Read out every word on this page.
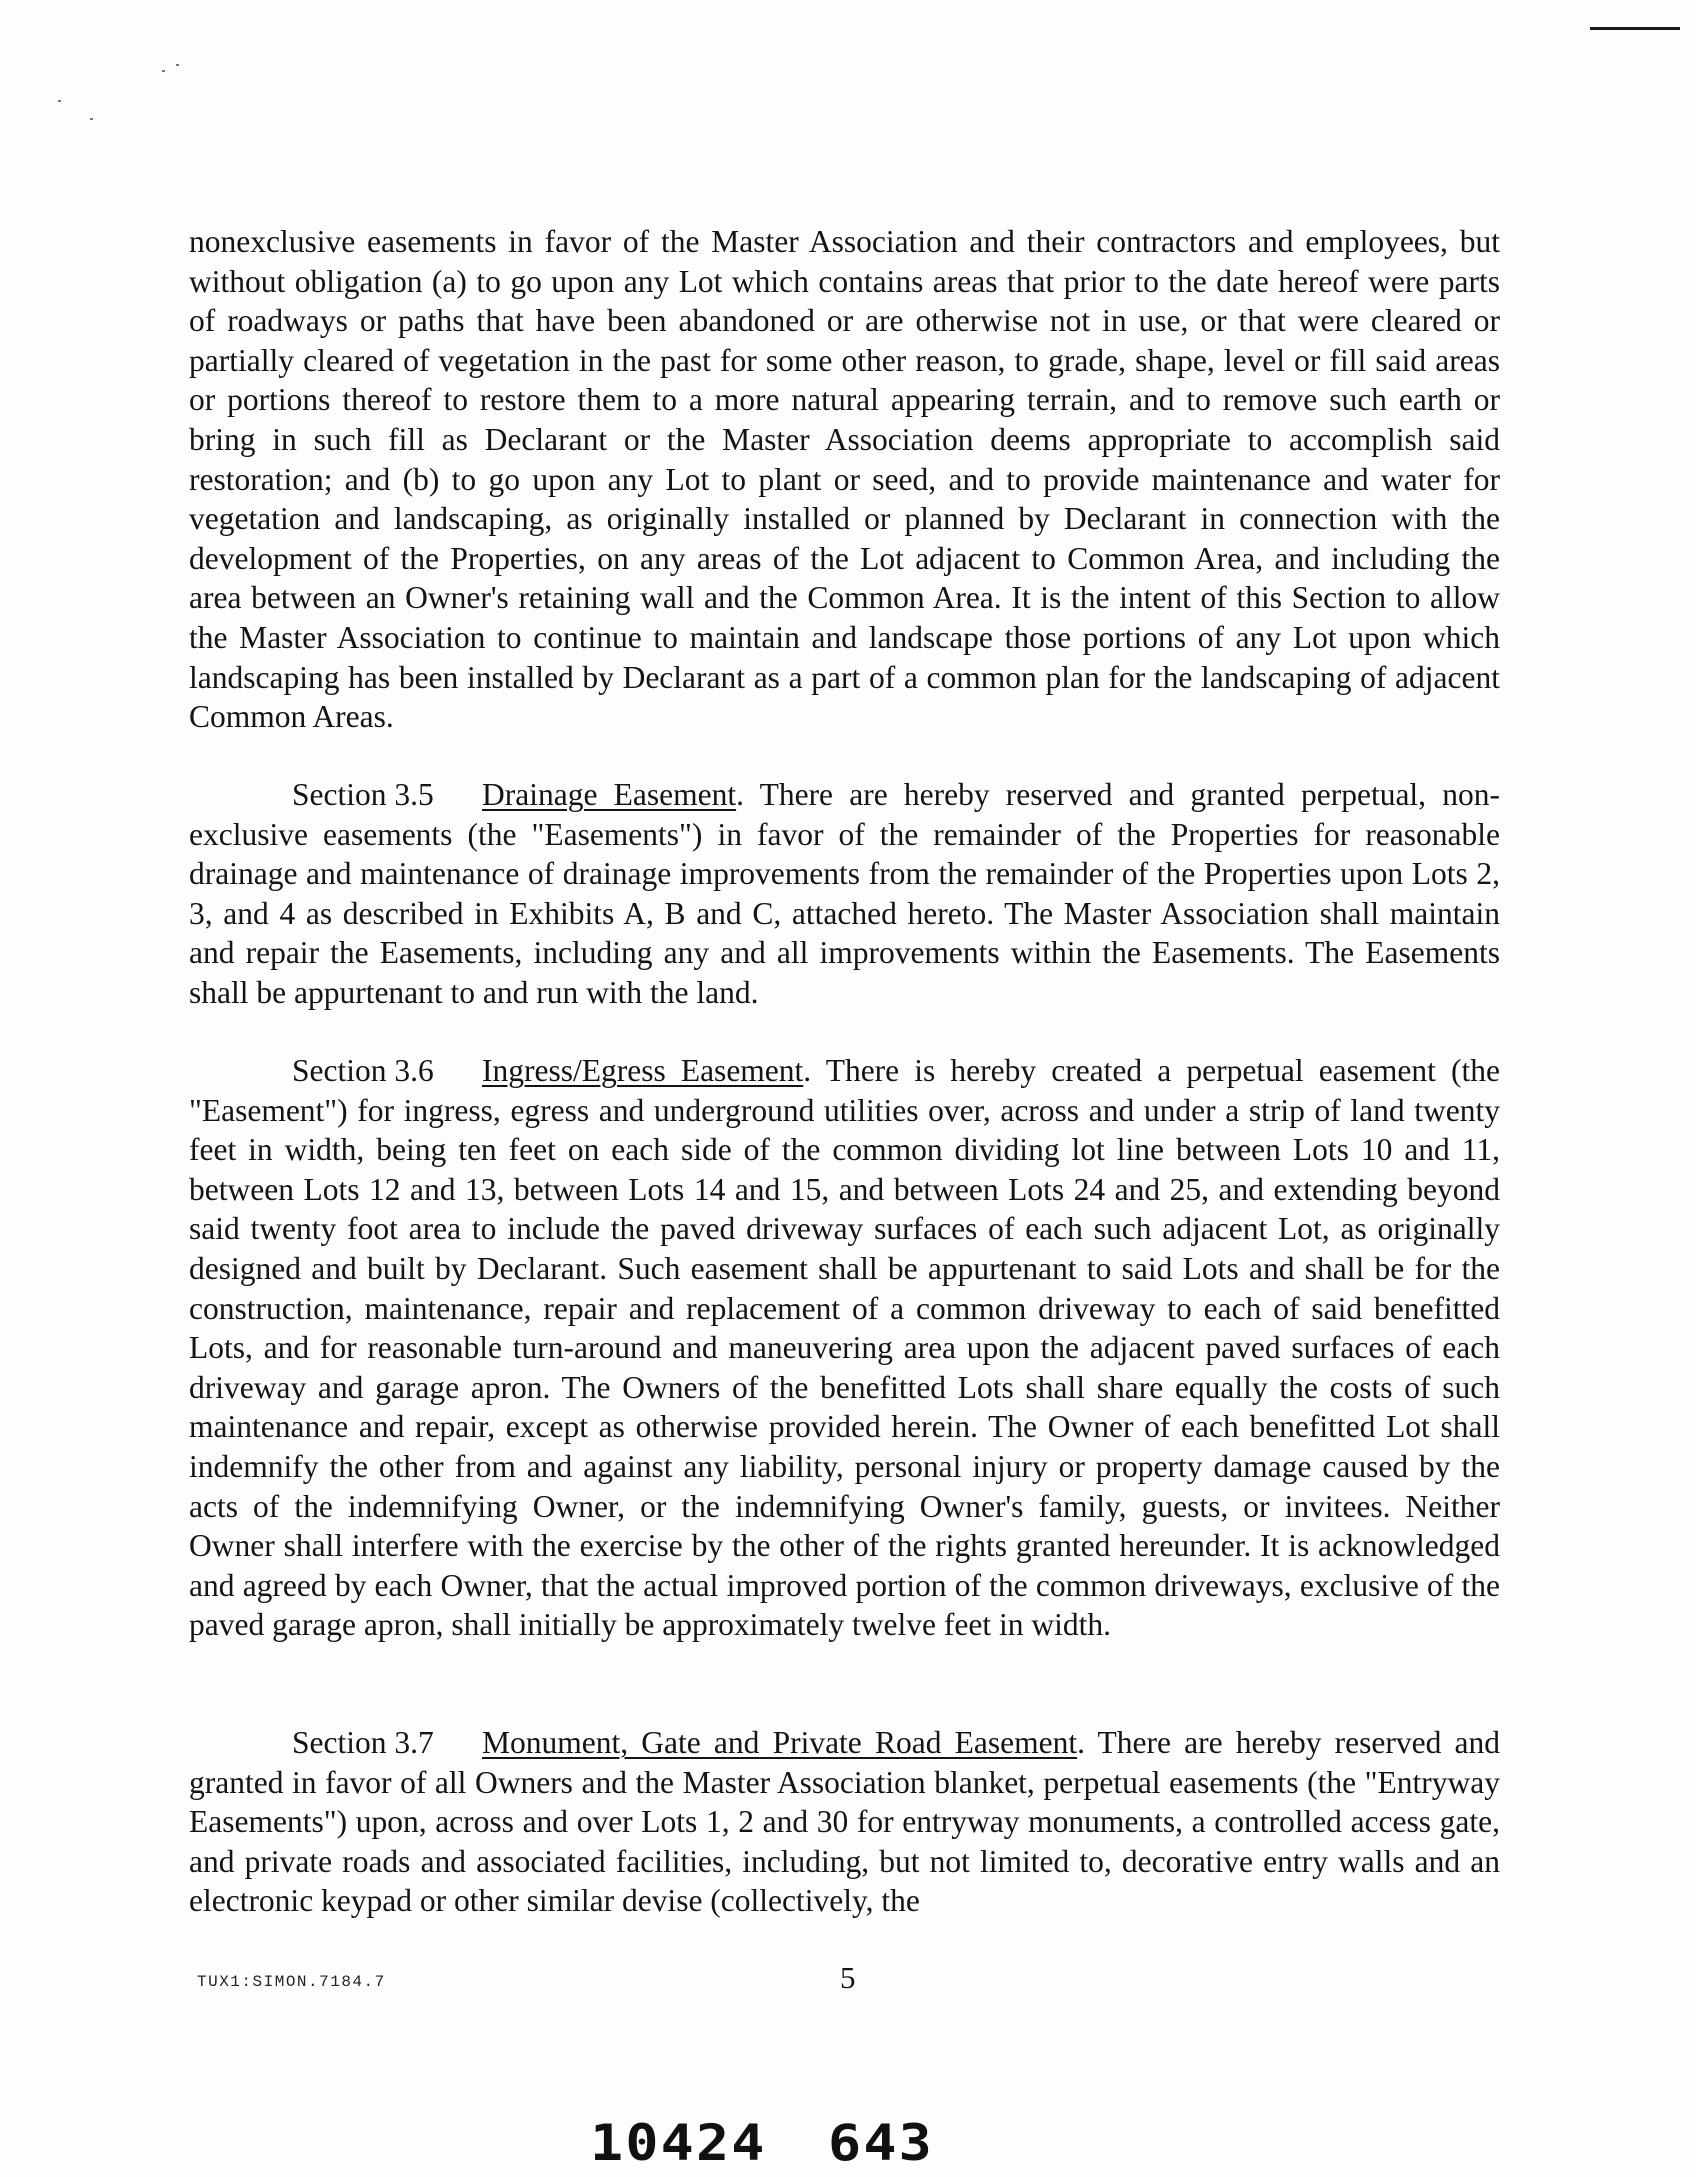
nonexclusive easements in favor of the Master Association and their contractors and employees, but without obligation (a) to go upon any Lot which contains areas that prior to the date hereof were parts of roadways or paths that have been abandoned or are otherwise not in use, or that were cleared or partially cleared of vegetation in the past for some other reason, to grade, shape, level or fill said areas or portions thereof to restore them to a more natural appearing terrain, and to remove such earth or bring in such fill as Declarant or the Master Association deems appropriate to accomplish said restoration; and (b) to go upon any Lot to plant or seed, and to provide maintenance and water for vegetation and landscaping, as originally installed or planned by Declarant in connection with the development of the Properties, on any areas of the Lot adjacent to Common Area, and including the area between an Owner's retaining wall and the Common Area. It is the intent of this Section to allow the Master Association to continue to maintain and landscape those portions of any Lot upon which landscaping has been installed by Declarant as a part of a common plan for the landscaping of adjacent Common Areas.

Section 3.5 Drainage Easement. There are hereby reserved and granted perpetual, non-exclusive easements (the "Easements") in favor of the remainder of the Properties for reasonable drainage and maintenance of drainage improvements from the remainder of the Properties upon Lots 2, 3, and 4 as described in Exhibits A, B and C, attached hereto. The Master Association shall maintain and repair the Easements, including any and all improvements within the Easements. The Easements shall be appurtenant to and run with the land.

Section 3.6 Ingress/Egress Easement. There is hereby created a perpetual easement (the "Easement") for ingress, egress and underground utilities over, across and under a strip of land twenty feet in width, being ten feet on each side of the common dividing lot line between Lots 10 and 11, between Lots 12 and 13, between Lots 14 and 15, and between Lots 24 and 25, and extending beyond said twenty foot area to include the paved driveway surfaces of each such adjacent Lot, as originally designed and built by Declarant. Such easement shall be appurtenant to said Lots and shall be for the construction, maintenance, repair and replacement of a common driveway to each of said benefitted Lots, and for reasonable turn-around and maneuvering area upon the adjacent paved surfaces of each driveway and garage apron. The Owners of the benefitted Lots shall share equally the costs of such maintenance and repair, except as otherwise provided herein. The Owner of each benefitted Lot shall indemnify the other from and against any liability, personal injury or property damage caused by the acts of the indemnifying Owner, or the indemnifying Owner's family, guests, or invitees. Neither Owner shall interfere with the exercise by the other of the rights granted hereunder. It is acknowledged and agreed by each Owner, that the actual improved portion of the common driveways, exclusive of the paved garage apron, shall initially be approximately twelve feet in width.

Section 3.7 Monument, Gate and Private Road Easement. There are hereby reserved and granted in favor of all Owners and the Master Association blanket, perpetual easements (the "Entryway Easements") upon, across and over Lots 1, 2 and 30 for entryway monuments, a controlled access gate, and private roads and associated facilities, including, but not limited to, decorative entry walls and an electronic keypad or other similar devise (collectively, the

TUX1:SIMON.7184.7	5
10424 643
